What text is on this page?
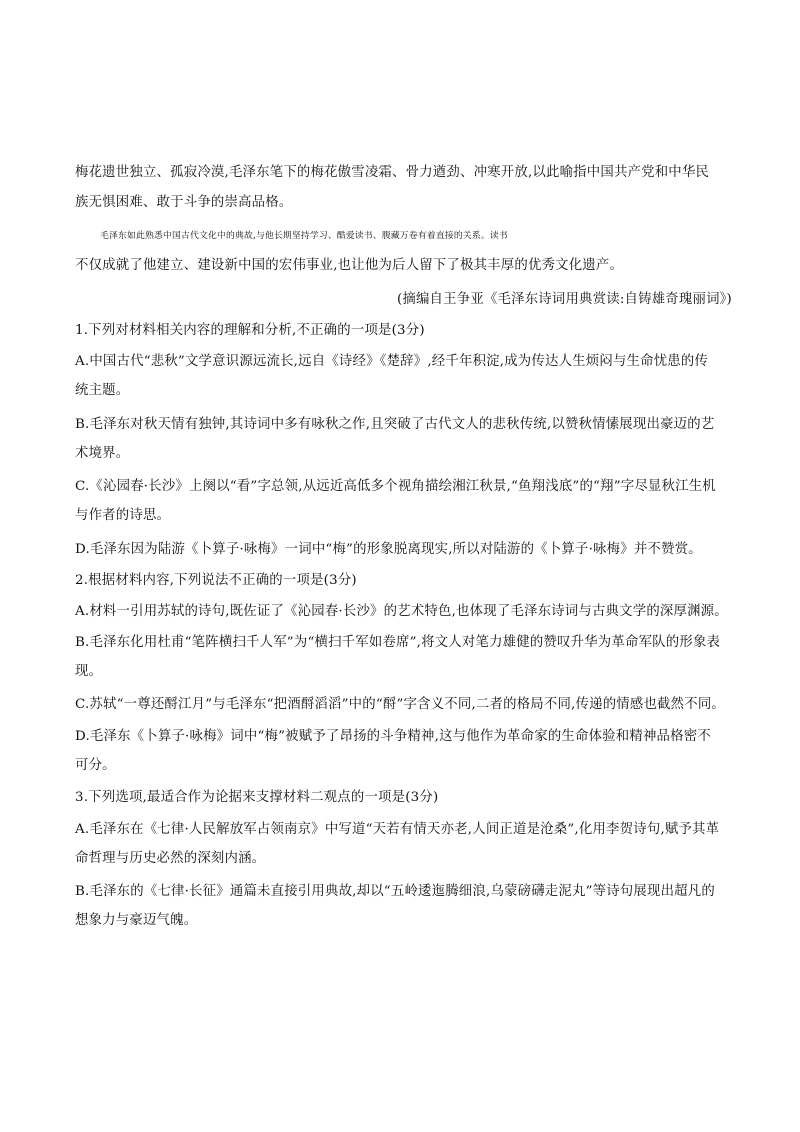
梅花遗世独立、孤寂冷漠,毛泽东笔下的梅花傲雪凌霜、骨力遒劲、冲寒开放,以此喻指中国共产党和中华民
族无惧困难、敢于斗争的崇高品格。
毛泽东如此熟悉中国古代文化中的典故,与他长期坚持学习、酷爱读书、腹藏万卷有着直接的关系。读书
不仅成就了他建立、建设新中国的宏伟事业,也让他为后人留下了极其丰厚的优秀文化遗产。
(摘编自王争亚《毛泽东诗词用典赏读:自铸雄奇瑰丽词》)
1.下列对材料相关内容的理解和分析,不正确的一项是(3分)
A.中国古代“悲秋”文学意识源远流长,远自《诗经》《楚辞》,经千年积淀,成为传达人生烦闷与生命忧患的传
统主题。
B.毛泽东对秋天情有独钟,其诗词中多有咏秋之作,且突破了古代文人的悲秋传统,以赞秋情愫展现出豪迈的艺
术境界。
C.《沁园春·长沙》上阕以“看”字总领,从远近高低多个视角描绘湘江秋景,“鱼翔浅底”的“翔”字尽显秋江生机
与作者的诗思。
D.毛泽东因为陆游《卜算子·咏梅》一词中“梅”的形象脱离现实,所以对陆游的《卜算子·咏梅》并不赞赏。
2.根据材料内容,下列说法不正确的一项是(3分)
A.材料一引用苏轼的诗句,既佐证了《沁园春·长沙》的艺术特色,也体现了毛泽东诗词与古典文学的深厚渊源。
B.毛泽东化用杜甫“笔阵横扫千人军”为“横扫千军如卷席”,将文人对笔力雄健的赞叹升华为革命军队的形象表
现。
C.苏轼“一尊还酹江月”与毛泽东“把酒酹滔滔”中的“酹”字含义不同,二者的格局不同,传递的情感也截然不同。
D.毛泽东《卜算子·咏梅》词中“梅”被赋予了昂扬的斗争精神,这与他作为革命家的生命体验和精神品格密不
可分。
3.下列选项,最适合作为论据来支撑材料二观点的一项是(3分)
A.毛泽东在《七律·人民解放军占领南京》中写道“天若有情天亦老,人间正道是沧桑”,化用李贺诗句,赋予其革
命哲理与历史必然的深刻内涵。
B.毛泽东的《七律·长征》通篇未直接引用典故,却以“五岭逶迤腾细浪,乌蒙磅礴走泥丸”等诗句展现出超凡的
想象力与豪迈气魄。
